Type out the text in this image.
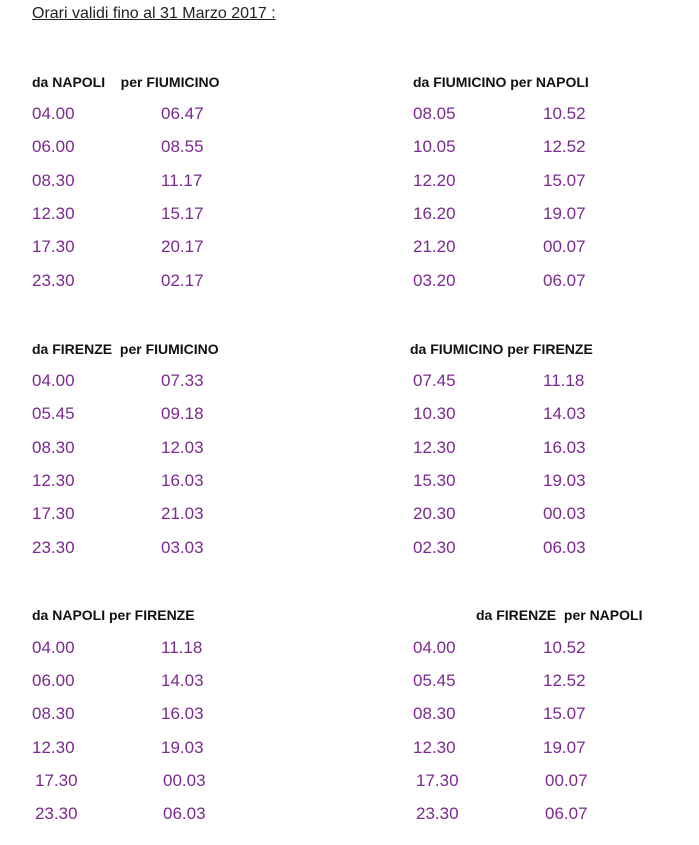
Orari validi fino al 31 Marzo 2017 :
da NAPOLI    per FIUMICINO
04.00	06.47
06.00	08.55
08.30	11.17
12.30	15.17
17.30	20.17
23.30	02.17
da FIUMICINO per NAPOLI
08.05	10.52
10.05	12.52
12.20	15.07
16.20	19.07
21.20	00.07
03.20	06.07
da FIRENZE  per FIUMICINO
04.00	07.33
05.45	09.18
08.30	12.03
12.30	16.03
17.30	21.03
23.30	03.03
da FIUMICINO per FIRENZE
07.45	11.18
10.30	14.03
12.30	16.03
15.30	19.03
20.30	00.03
02.30	06.03
da NAPOLI per FIRENZE
04.00	11.18
06.00	14.03
08.30	16.03
12.30	19.03
17.30	00.03
23.30	06.03
da FIRENZE  per NAPOLI
04.00	10.52
05.45	12.52
08.30	15.07
12.30	19.07
17.30	00.07
23.30	06.07
